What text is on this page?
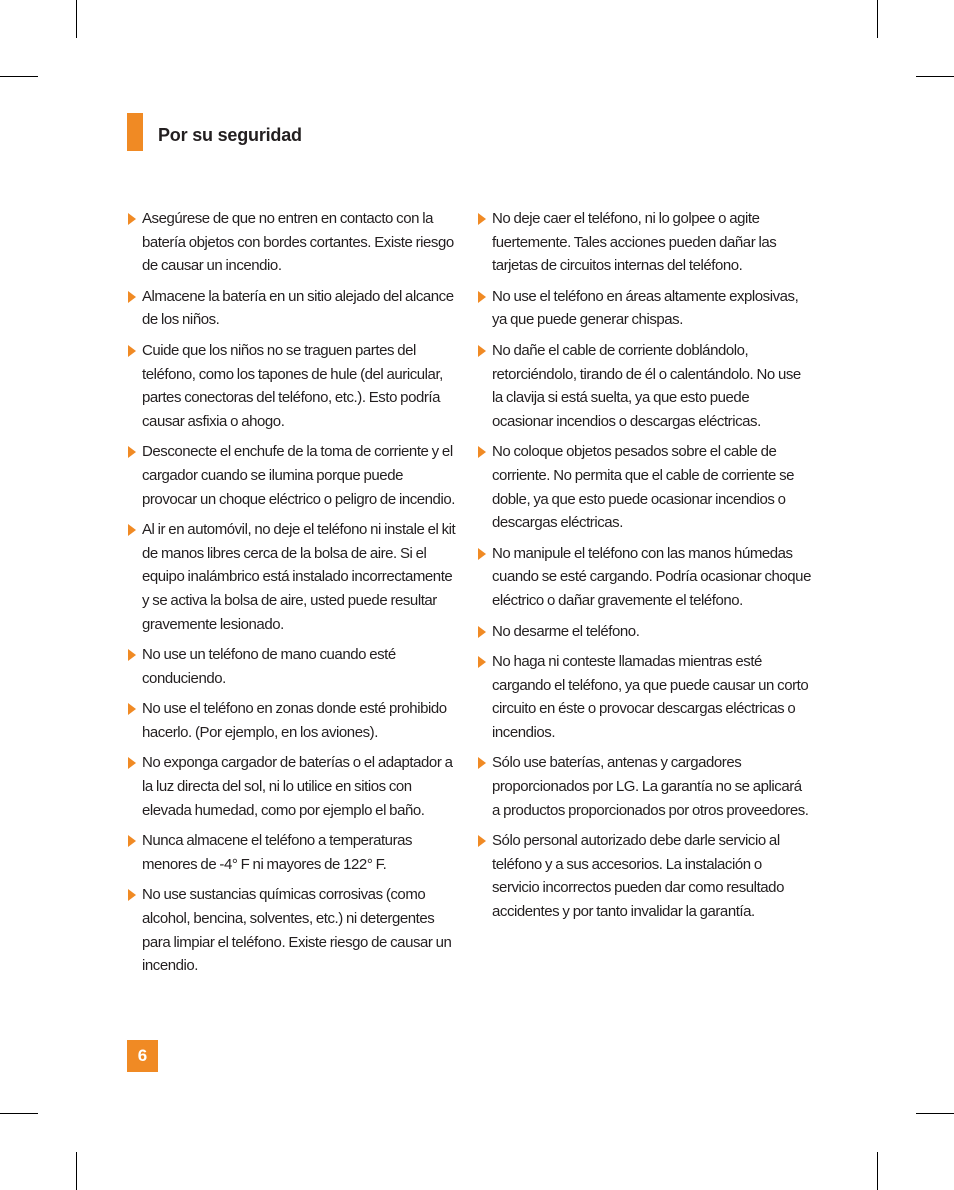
Por su seguridad
Asegúrese de que no entren en contacto con la batería objetos con bordes cortantes. Existe riesgo de causar un incendio.
Almacene la batería en un sitio alejado del alcance de los niños.
Cuide que los niños no se traguen partes del teléfono, como los tapones de hule (del auricular, partes conectoras del teléfono, etc.). Esto podría causar asfixia o ahogo.
Desconecte el enchufe de la toma de corriente y el cargador cuando se ilumina porque puede provocar un choque eléctrico o peligro de incendio.
Al ir en automóvil, no deje el teléfono ni instale el kit de manos libres cerca de la bolsa de aire. Si el equipo inalámbrico está instalado incorrectamente y se activa la bolsa de aire, usted puede resultar gravemente lesionado.
No use un teléfono de mano cuando esté conduciendo.
No use el teléfono en zonas donde esté prohibido hacerlo. (Por ejemplo, en los aviones).
No exponga cargador de baterías o el adaptador a la luz directa del sol, ni lo utilice en sitios con elevada humedad, como por ejemplo el baño.
Nunca almacene el teléfono a temperaturas menores de -4° F ni mayores de 122° F.
No use sustancias químicas corrosivas (como alcohol, bencina, solventes, etc.) ni detergentes para limpiar el teléfono. Existe riesgo de causar un incendio.
No deje caer el teléfono, ni lo golpee o agite fuertemente. Tales acciones pueden dañar las tarjetas de circuitos internas del teléfono.
No use el teléfono en áreas altamente explosivas, ya que puede generar chispas.
No dañe el cable de corriente doblándolo, retorciéndolo, tirando de él o calentándolo. No use la clavija si está suelta, ya que esto puede ocasionar incendios o descargas eléctricas.
No coloque objetos pesados sobre el cable de corriente. No permita que el cable de corriente se doble, ya que esto puede ocasionar incendios o descargas eléctricas.
No manipule el teléfono con las manos húmedas cuando se esté cargando. Podría ocasionar choque eléctrico o dañar gravemente el teléfono.
No desarme el teléfono.
No haga ni conteste llamadas mientras esté cargando el teléfono, ya que puede causar un corto circuito en éste o provocar descargas eléctricas o incendios.
Sólo use baterías, antenas y cargadores proporcionados por LG. La garantía no se aplicará a productos proporcionados por otros proveedores.
Sólo personal autorizado debe darle servicio al teléfono y a sus accesorios. La instalación o servicio incorrectos pueden dar como resultado accidentes y por tanto invalidar la garantía.
6
